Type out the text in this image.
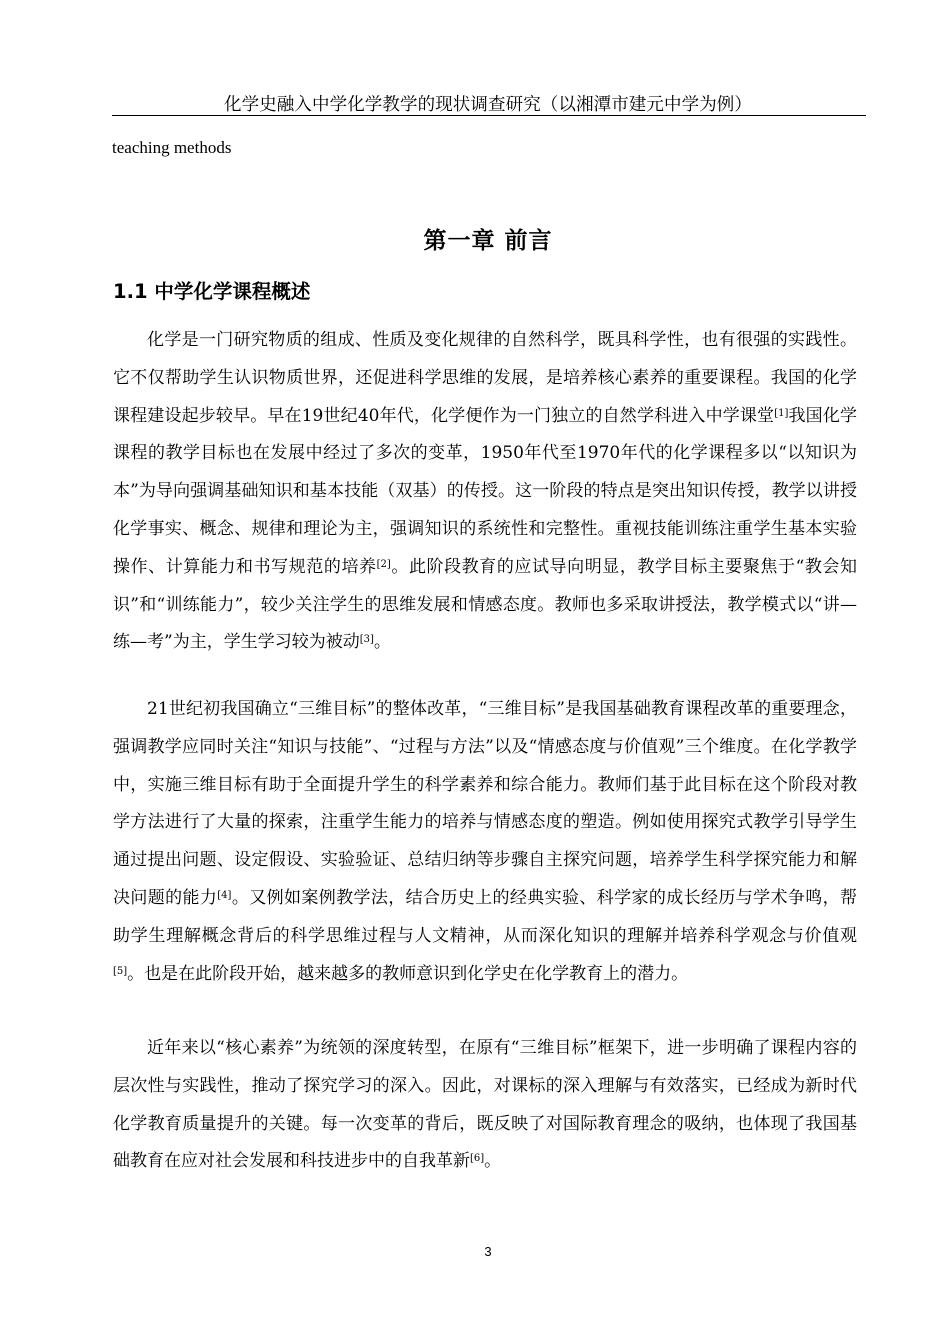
化学史融入中学化学教学的现状调查研究（以湘潭市建元中学为例）
teaching methods
第一章 前言
1.1 中学化学课程概述

化学是一门研究物质的组成、性质及变化规律的自然科学，既具科学性，也有很强的实践性。它不仅帮助学生认识物质世界，还促进科学思维的发展，是培养核心素养的重要课程。我国的化学课程建设起步较早。早在19世纪40年代，化学便作为一门独立的自然学科进入中学课堂[1]我国化学课程的教学目标也在发展中经过了多次的变革，1950年代至1970年代的化学课程多以“以知识为本”为导向强调基础知识和基本技能（双基）的传授。这一阶段的特点是突出知识传授，教学以讲授化学事实、概念、规律和理论为主，强调知识的系统性和完整性。重视技能训练注重学生基本实验操作、计算能力和书写规范的培养[2]。此阶段教育的应试导向明显，教学目标主要聚焦于“教会知识”和“训练能力”，较少关注学生的思维发展和情感态度。教师也多采取讲授法，教学模式以“讲—练—考”为主，学生学习较为被动[3]。

21世纪初我国确立“三维目标”的整体改革，“三维目标”是我国基础教育课程改革的重要理念，强调教学应同时关注“知识与技能”、“过程与方法”以及“情感态度与价值观”三个维度。在化学教学中，实施三维目标有助于全面提升学生的科学素养和综合能力。教师们基于此目标在这个阶段对教学方法进行了大量的探索，注重学生能力的培养与情感态度的塑造。例如使用探究式教学引导学生通过提出问题、设定假设、实验验证、总结归纳等步骤自主探究问题，培养学生科学探究能力和解决问题的能力[4]。又例如案例教学法，结合历史上的经典实验、科学家的成长经历与学术争鸣，帮助学生理解概念背后的科学思维过程与人文精神，从而深化知识的理解并培养科学观念与价值观[5]。也是在此阶段开始，越来越多的教师意识到化学史在化学教育上的潜力。

近年来以“核心素养”为统领的深度转型，在原有“三维目标”框架下，进一步明确了课程内容的层次性与实践性，推动了探究学习的深入。因此，对课标的深入理解与有效落实，已经成为新时代化学教育质量提升的关键。每一次变革的背后，既反映了对国际教育理念的吸纳，也体现了我国基础教育在应对社会发展和科技进步中的自我革新[6]。

3
